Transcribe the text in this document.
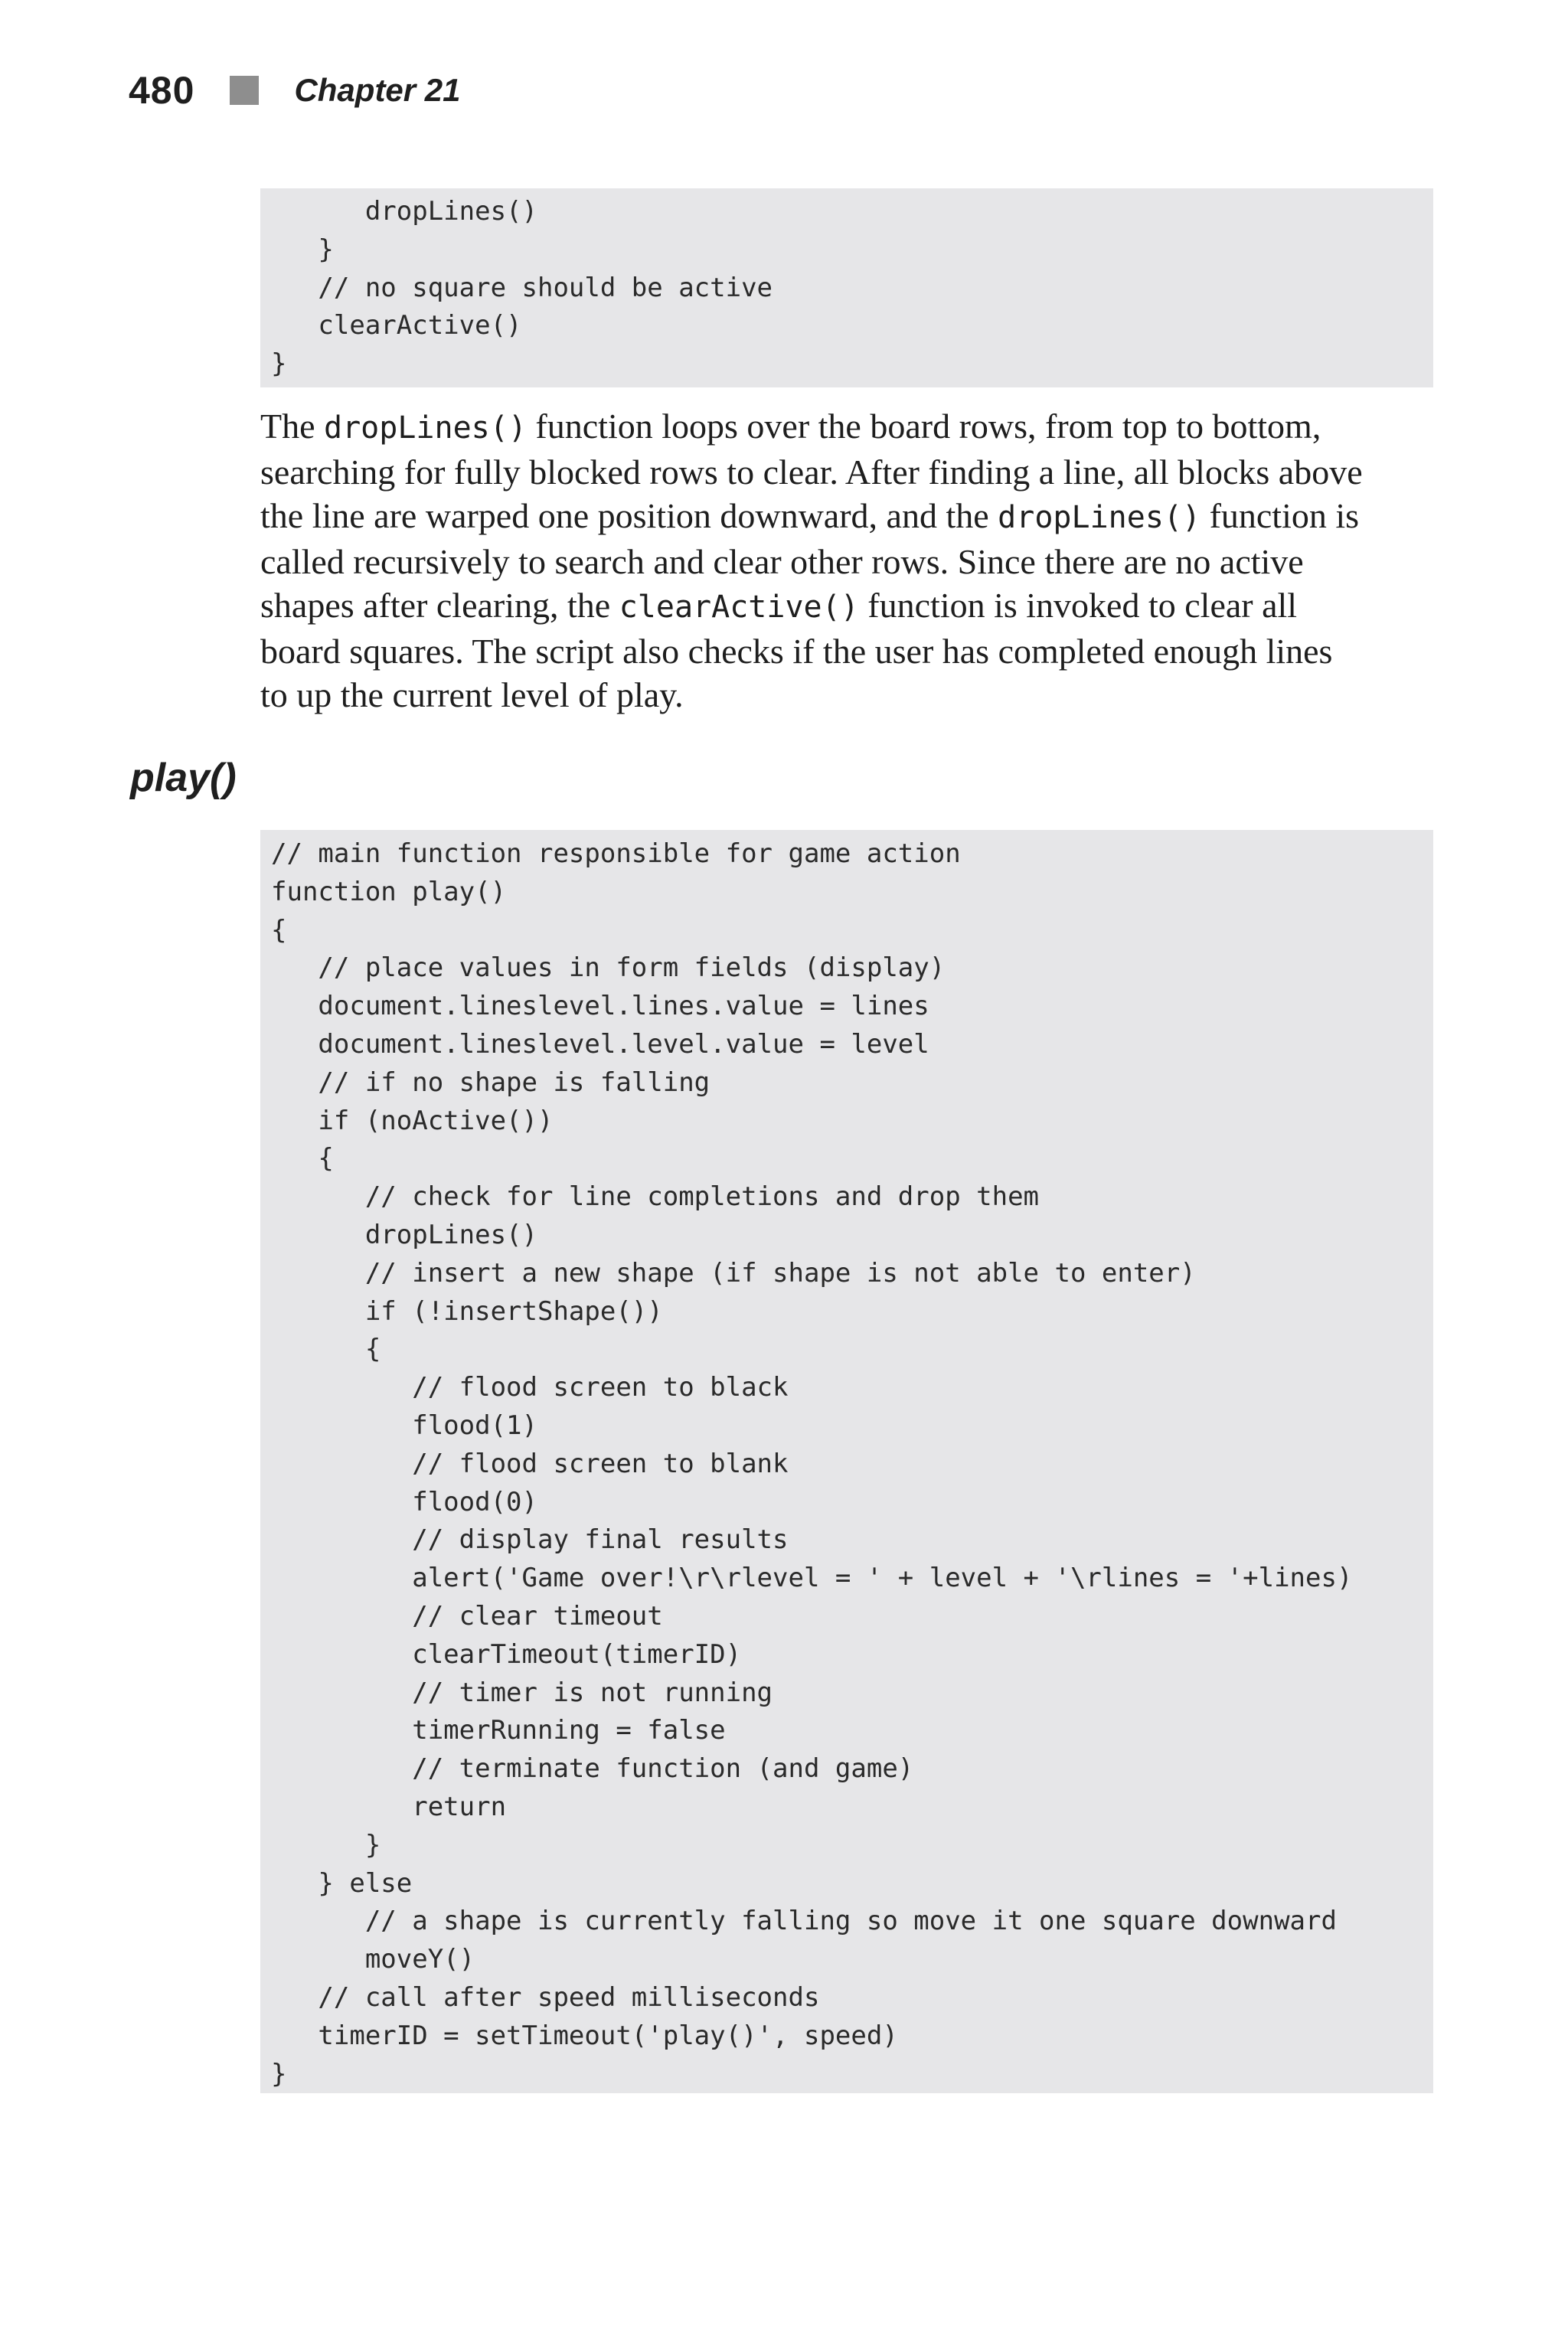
480	Chapter 21
dropLines()
}
// no square should be active
clearActive()
}
The dropLines() function loops over the board rows, from top to bottom,
searching for fully blocked rows to clear. After finding a line, all blocks above
the line are warped one position downward, and the dropLines() function is
called recursively to search and clear other rows. Since there are no active
shapes after clearing, the clearActive() function is invoked to clear all
board squares. The script also checks if the user has completed enough lines
to up the current level of play.
play()
// main function responsible for game action
function play()
{
// place values in form fields (display)
document.lineslevel.lines.value = lines
document.lineslevel.level.value = level
// if no shape is falling
if (noActive())
{
// check for line completions and drop them
dropLines()
// insert a new shape (if shape is not able to enter)
if (!insertShape())
{
// flood screen to black
flood(1)
// flood screen to blank
flood(0)
// display final results
alert('Game over!\r\rlevel = ' + level + '\rlines = '+lines)
// clear timeout
clearTimeout(timerID)
// timer is not running
timerRunning = false
// terminate function (and game)
return
}
} else
// a shape is currently falling so move it one square downward
moveY()
// call after speed milliseconds
timerID = setTimeout('play()', speed)
}
